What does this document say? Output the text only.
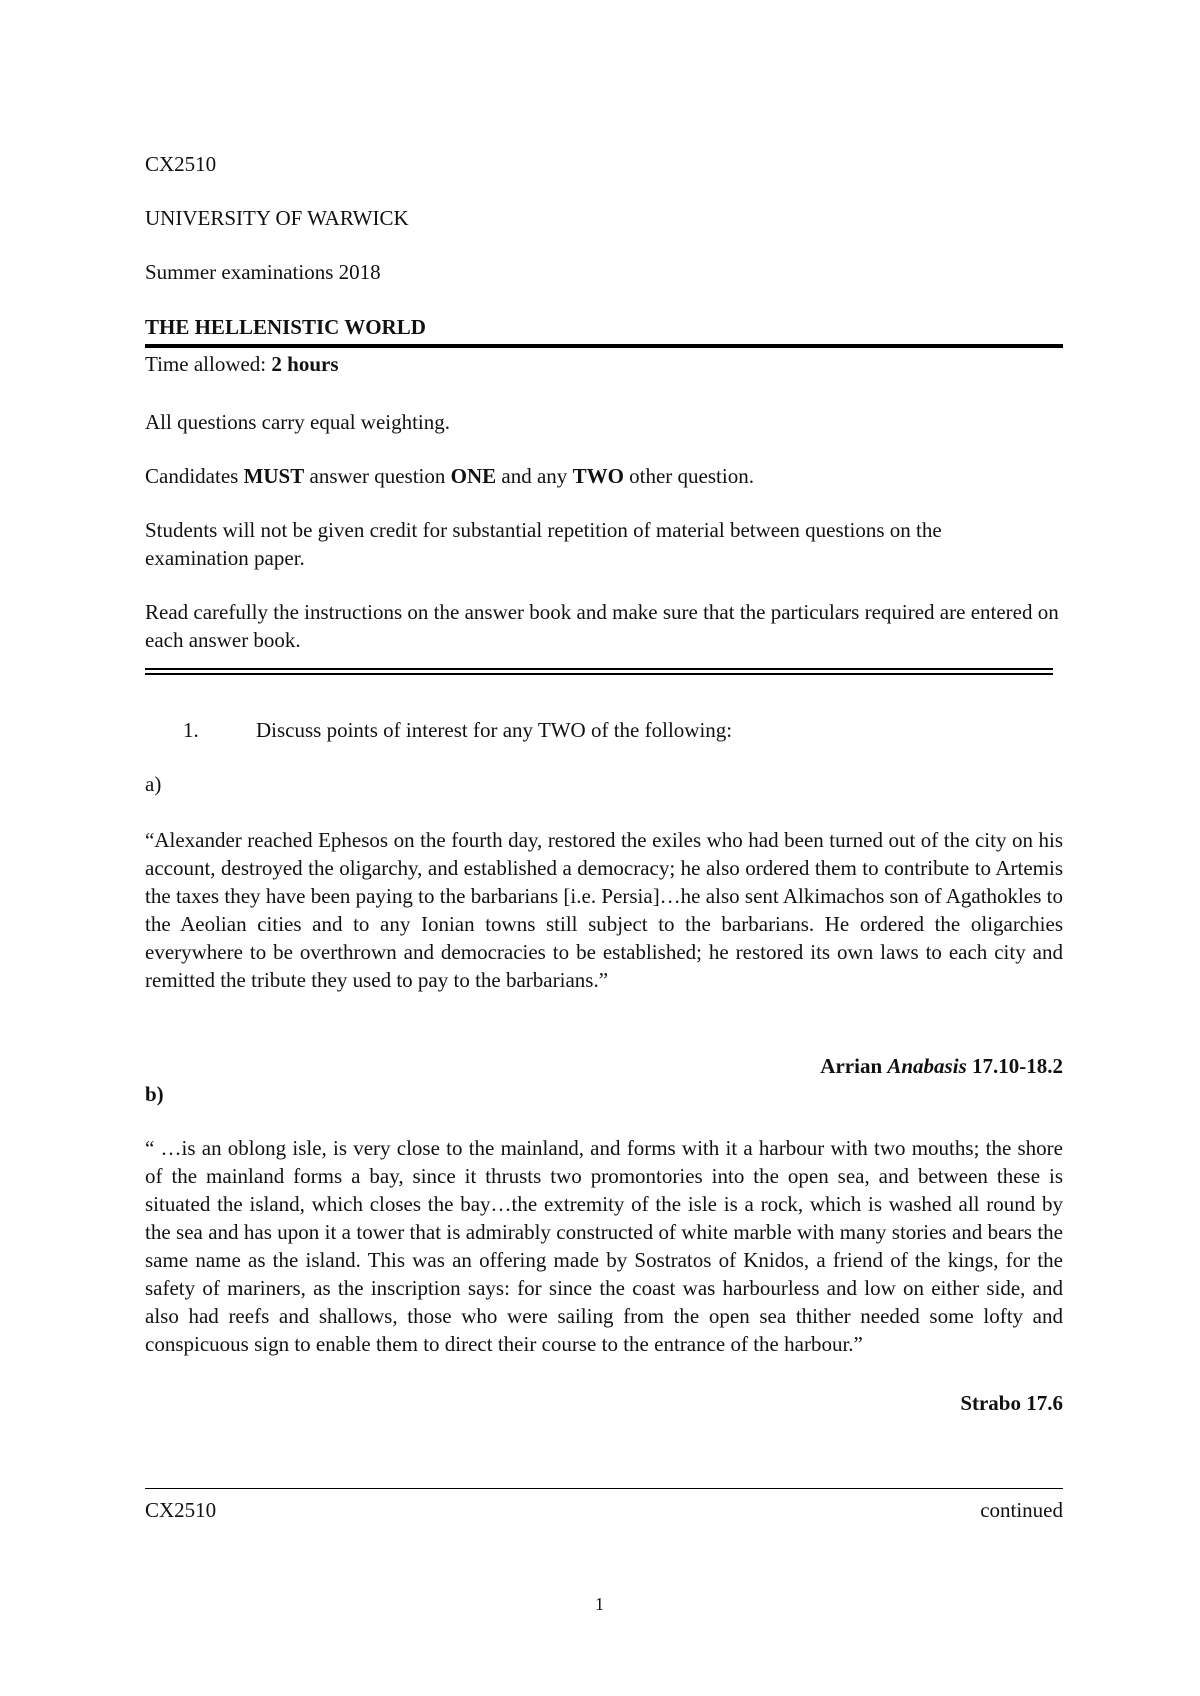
CX2510
UNIVERSITY OF WARWICK
Summer examinations 2018
THE HELLENISTIC WORLD
Time allowed: 2 hours
All questions carry equal weighting.
Candidates MUST answer question ONE and any TWO other question.
Students will not be given credit for substantial repetition of material between questions on the examination paper.
Read carefully the instructions on the answer book and make sure that the particulars required are entered on each answer book.
1.	Discuss points of interest for any TWO of the following:
a)
“Alexander reached Ephesos on the fourth day, restored the exiles who had been turned out of the city on his account, destroyed the oligarchy, and established a democracy; he also ordered them to contribute to Artemis the taxes they have been paying to the barbarians [i.e. Persia]…he also sent Alkimachos son of Agathokles to the Aeolian cities and to any Ionian towns still subject to the barbarians. He ordered the oligarchies everywhere to be overthrown and democracies to be established; he restored its own laws to each city and remitted the tribute they used to pay to the barbarians.”
Arrian Anabasis 17.10-18.2
b)
“ …is an oblong isle, is very close to the mainland, and forms with it a harbour with two mouths; the shore of the mainland forms a bay, since it thrusts two promontories into the open sea, and between these is situated the island, which closes the bay…the extremity of the isle is a rock, which is washed all round by the sea and has upon it a tower that is admirably constructed of white marble with many stories and bears the same name as the island. This was an offering made by Sostratos of Knidos, a friend of the kings, for the safety of mariners, as the inscription says: for since the coast was harbourless and low on either side, and also had reefs and shallows, those who were sailing from the open sea thither needed some lofty and conspicuous sign to enable them to direct their course to the entrance of the harbour.”
Strabo 17.6
CX2510	continued
1
